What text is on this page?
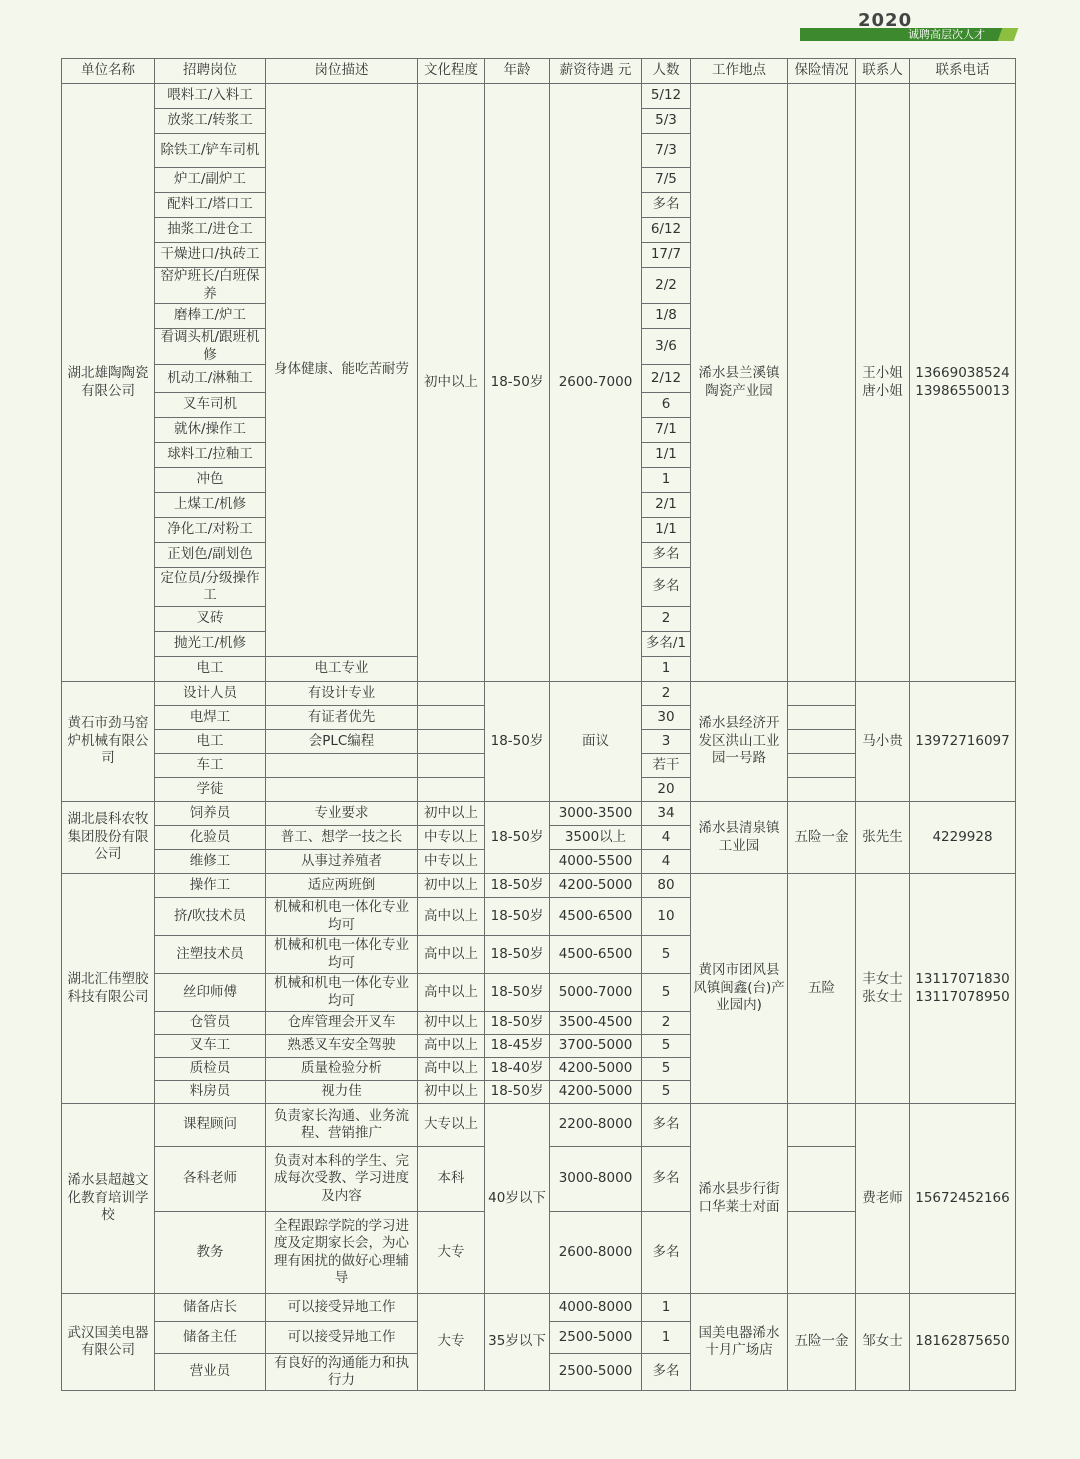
2020
诚聘高层次人才
单位名称	招聘岗位	岗位描述	文化程度	年龄	薪资待遇 元	人数	工作地点	保险情况	联系人	联系电话
湖北雄陶陶瓷有限公司	喂料工/入料工	身体健康、能吃苦耐劳	初中以上	18-50岁	2600-7000	5/12	浠水县兰溪镇陶瓷产业园		王小姐 唐小姐	13669038524 13986550013
	放浆工/转浆工					5/3				
	除铁工/铲车司机					7/3				
	炉工/副炉工					7/5				
	配料工/塔口工					多名				
	抽浆工/进仓工					6/12				
	干燥进口/执砖工					17/7				
	窑炉班长/白班保养					2/2				
	磨棒工/炉工					1/8				
	看调头机/跟班机修					3/6				
	机动工/淋釉工					2/12				
	叉车司机					6				
	就休/操作工					7/1				
	球料工/拉釉工					1/1				
	冲色					1				
	上煤工/机修					2/1				
	净化工/对粉工					1/1				
	正划色/副划色					多名				
	定位员/分级操作工					多名				
	叉砖					2				
	抛光工/机修					多名/1				
	电工	电工专业				1				
黄石市劲马窑炉机械有限公司	设计人员	有设计专业		18-50岁	面议	2	浠水县经济开发区洪山工业园一号路		马小贵	13972716097
	电焊工	有证者优先				30				
	电工	会PLC编程				3				
	车工					若干				
	学徒					20				
湖北晨科农牧集团股份有限公司	饲养员	专业要求	初中以上	18-50岁	3000-3500	34	浠水县清泉镇工业园	五险一金	张先生	4229928
	化验员	普工、想学一技之长	中专以上		3500以上	4				
	维修工	从事过养殖者	中专以上		4000-5500	4				
湖北汇伟塑胶科技有限公司	操作工	适应两班倒	初中以上	18-50岁	4200-5000	80	黄冈市团风县风镇闽鑫(台)产业园内)	五险	丰女士 张女士	13117071830 13117078950
	挤/吹技术员	机械和机电一体化专业均可	高中以上	18-50岁	4500-6500	10				
	注塑技术员	机械和机电一体化专业均可	高中以上	18-50岁	4500-6500	5				
	丝印师傅	机械和机电一体化专业均可	高中以上	18-50岁	5000-7000	5				
	仓管员	仓库管理会开叉车	初中以上	18-50岁	3500-4500	2				
	叉车工	熟悉叉车安全驾驶	高中以上	18-45岁	3700-5000	5				
	质检员	质量检验分析	高中以上	18-40岁	4200-5000	5				
	料房员	视力佳	初中以上	18-50岁	4200-5000	5				
浠水县超越文化教育培训学校	课程顾问	负责家长沟通、业务流程、营销推广	大专以上	40岁以下	2200-8000	多名	浠水县步行街口华莱士对面		费老师	15672452166
	各科老师	负责对本科的学生、完成每次受教、学习进度及内容	本科		3000-8000	多名				
	教务	全程跟踪学院的学习进度及定期家长会，为心理有困扰的做好心理辅导	大专		2600-8000	多名				
武汉国美电器有限公司	储备店长	可以接受异地工作	大专	35岁以下	4000-8000	1	国美电器浠水十月广场店	五险一金	邹女士	18162875650
	储备主任	可以接受异地工作			2500-5000	1				
	营业员	有良好的沟通能力和执行力			2500-5000	多名				
